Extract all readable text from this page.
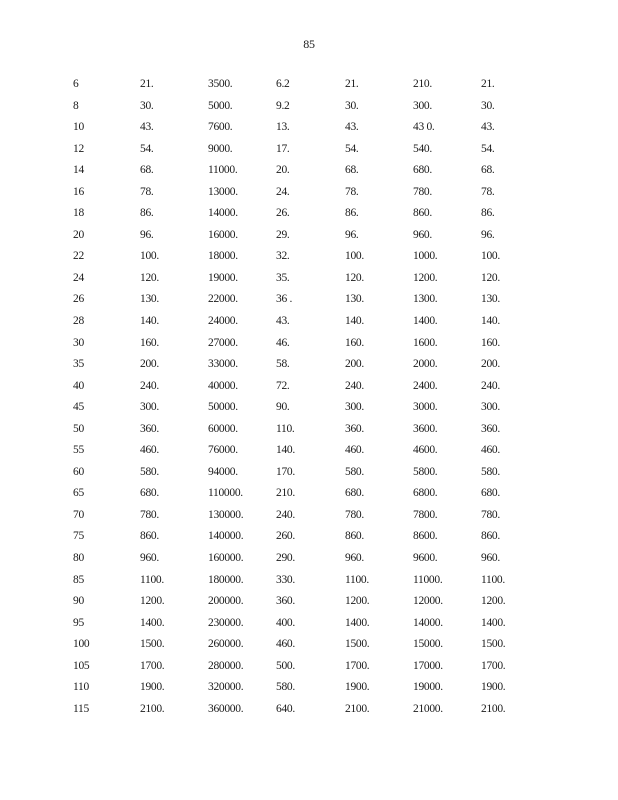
85
6	21.	3500.	6.2	21.	210.	21.
8	30.	5000.	9.2	30.	300.	30.
10	43.	7600.	13.	43.	43 0.	43.
12	54.	9000.	17.	54.	540.	54.
14	68.	11000.	20.	68.	680.	68.
16	78.	13000.	24.	78.	780.	78.
18	86.	14000.	26.	86.	860.	86.
20	96.	16000.	29.	96.	960.	96.
22	100.	18000.	32.	100.	1000.	100.
24	120.	19000.	35.	120.	1200.	120.
26	130.	22000.	36 .	130.	1300.	130.
28	140.	24000.	43.	140.	1400.	140.
30	160.	27000.	46.	160.	1600.	160.
35	200.	33000.	58.	200.	2000.	200.
40	240.	40000.	72.	240.	2400.	240.
45	300.	50000.	90.	300.	3000.	300.
50	360.	60000.	110.	360.	3600.	360.
55	460.	76000.	140.	460.	4600.	460.
60	580.	94000.	170.	580.	5800.	580.
65	680.	110000.	210.	680.	6800.	680.
70	780.	130000.	240.	780.	7800.	780.
75	860.	140000.	260.	860.	8600.	860.
80	960.	160000.	290.	960.	9600.	960.
85	1100.	180000.	330.	1100.	11000.	1100.
90	1200.	200000.	360.	1200.	12000.	1200.
95	1400.	230000.	400.	1400.	14000.	1400.
100	1500.	260000.	460.	1500.	15000.	1500.
105	1700.	280000.	500.	1700.	17000.	1700.
110	1900.	320000.	580.	1900.	19000.	1900.
115	2100.	360000.	640.	2100.	21000.	2100.
